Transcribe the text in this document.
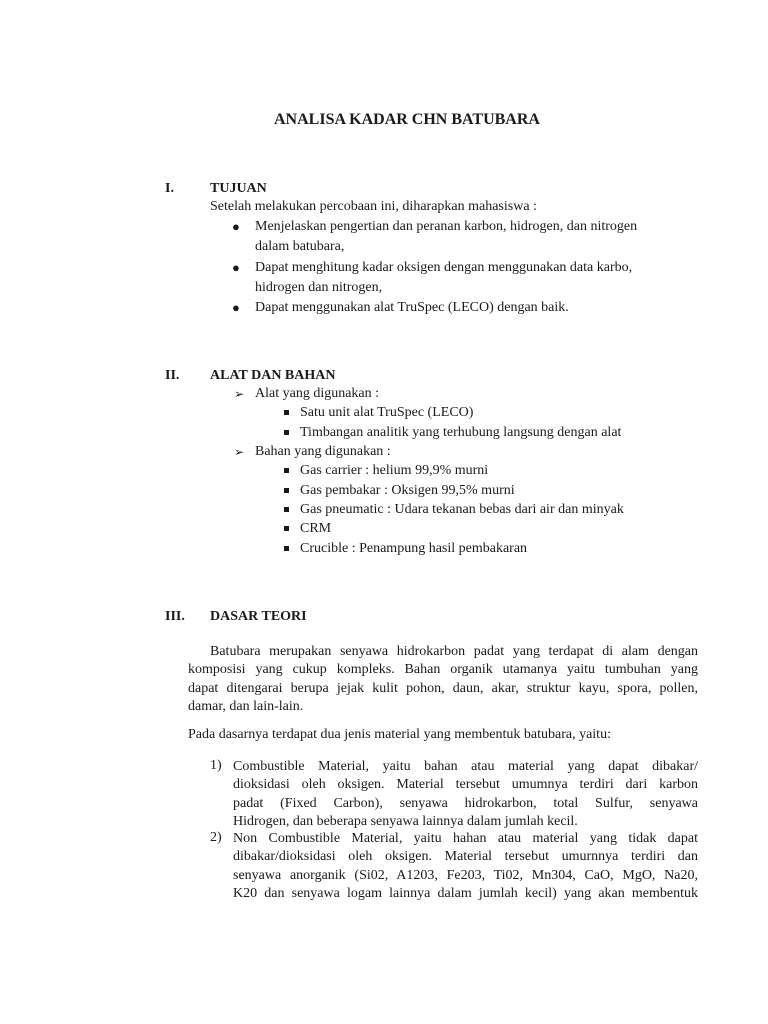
ANALISA KADAR CHN BATUBARA
I.	TUJUAN
Setelah melakukan percobaan ini, diharapkan mahasiswa :
● Menjelaskan pengertian dan peranan karbon, hidrogen, dan nitrogen
dalam batubara,
● Dapat menghitung kadar oksigen dengan menggunakan data karbo,
hidrogen dan nitrogen,
● Dapat menggunakan alat TruSpec (LECO) dengan baik.
II. ALAT DAN BAHAN
➢ Alat yang digunakan :
Satu unit alat TruSpec (LECO)
Timbangan analitik yang terhubung langsung dengan alat
➢ Bahan yang digunakan :
Gas carrier : helium 99,9% murni
Gas pembakar : Oksigen 99,5% murni
Gas pneumatic : Udara tekanan bebas dari air dan minyak
CRM
Crucible : Penampung hasil pembakaran
III. DASAR TEORI
Batubara merupakan senyawa hidrokarbon padat yang terdapat di alam dengan
komposisi yang cukup kompleks. Bahan organik utamanya yaitu tumbuhan yang
dapat ditengarai berupa jejak kulit pohon, daun, akar, struktur kayu, spora, pollen,
damar, dan lain-lain.
Pada dasarnya terdapat dua jenis material yang membentuk batubara, yaitu:
1) Combustible Material, yaitu bahan atau material yang dapat dibakar/
dioksidasi oleh oksigen. Material tersebut umumnya terdiri dari karbon
padat (Fixed Carbon), senyawa hidrokarbon, total Sulfur, senyawa
Hidrogen, dan beberapa senyawa lainnya dalam jumlah kecil.
2) Non Combustible Material, yaitu hahan atau material yang tidak dapat
dibakar/dioksidasi oleh oksigen. Material tersebut umurnnya terdiri dan
senyawa anorganik (Si02, A1203, Fe203, Ti02, Mn304, CaO, MgO, Na20,
K20 dan senyawa logam lainnya dalam jumlah kecil) yang akan membentuk
